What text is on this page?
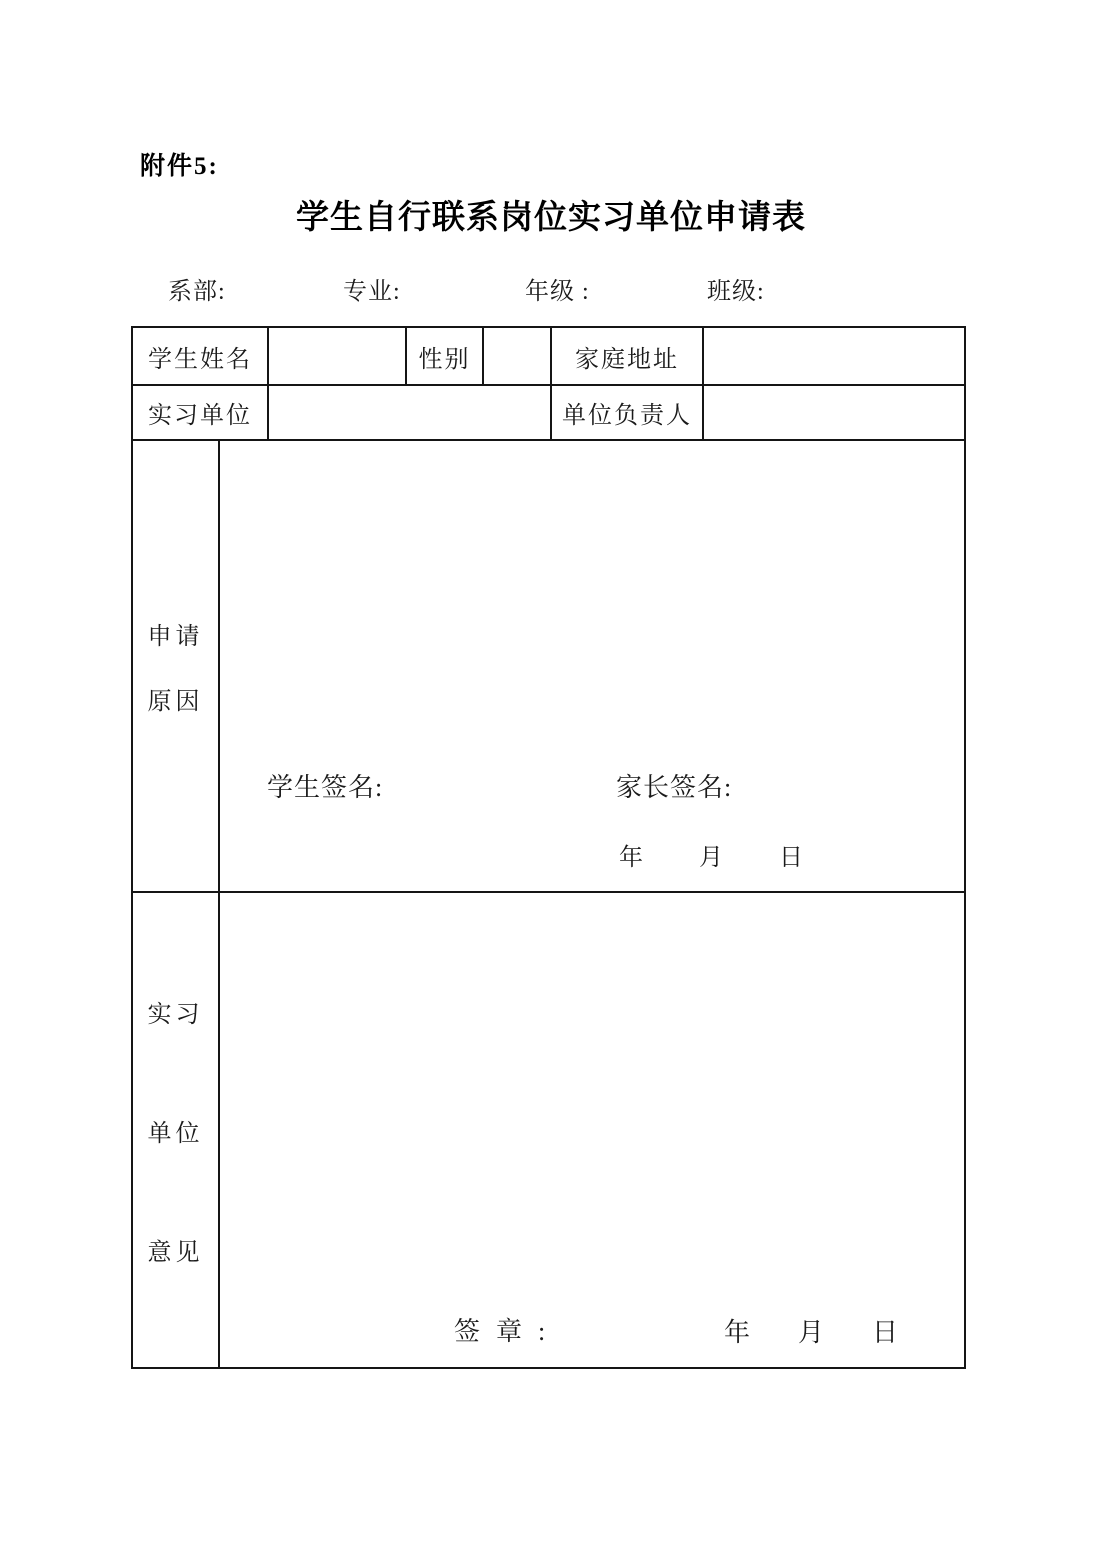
附件5:
学生自行联系岗位实习单位申请表
系部:	专业:	年级 :	班级:
学生姓名			性别		家庭地址	
实习单位					单位负责人	

申请
原因

学生签名:	家长签名:
年 月 日

实习
单位
意见

签  章  :	年 月 日
